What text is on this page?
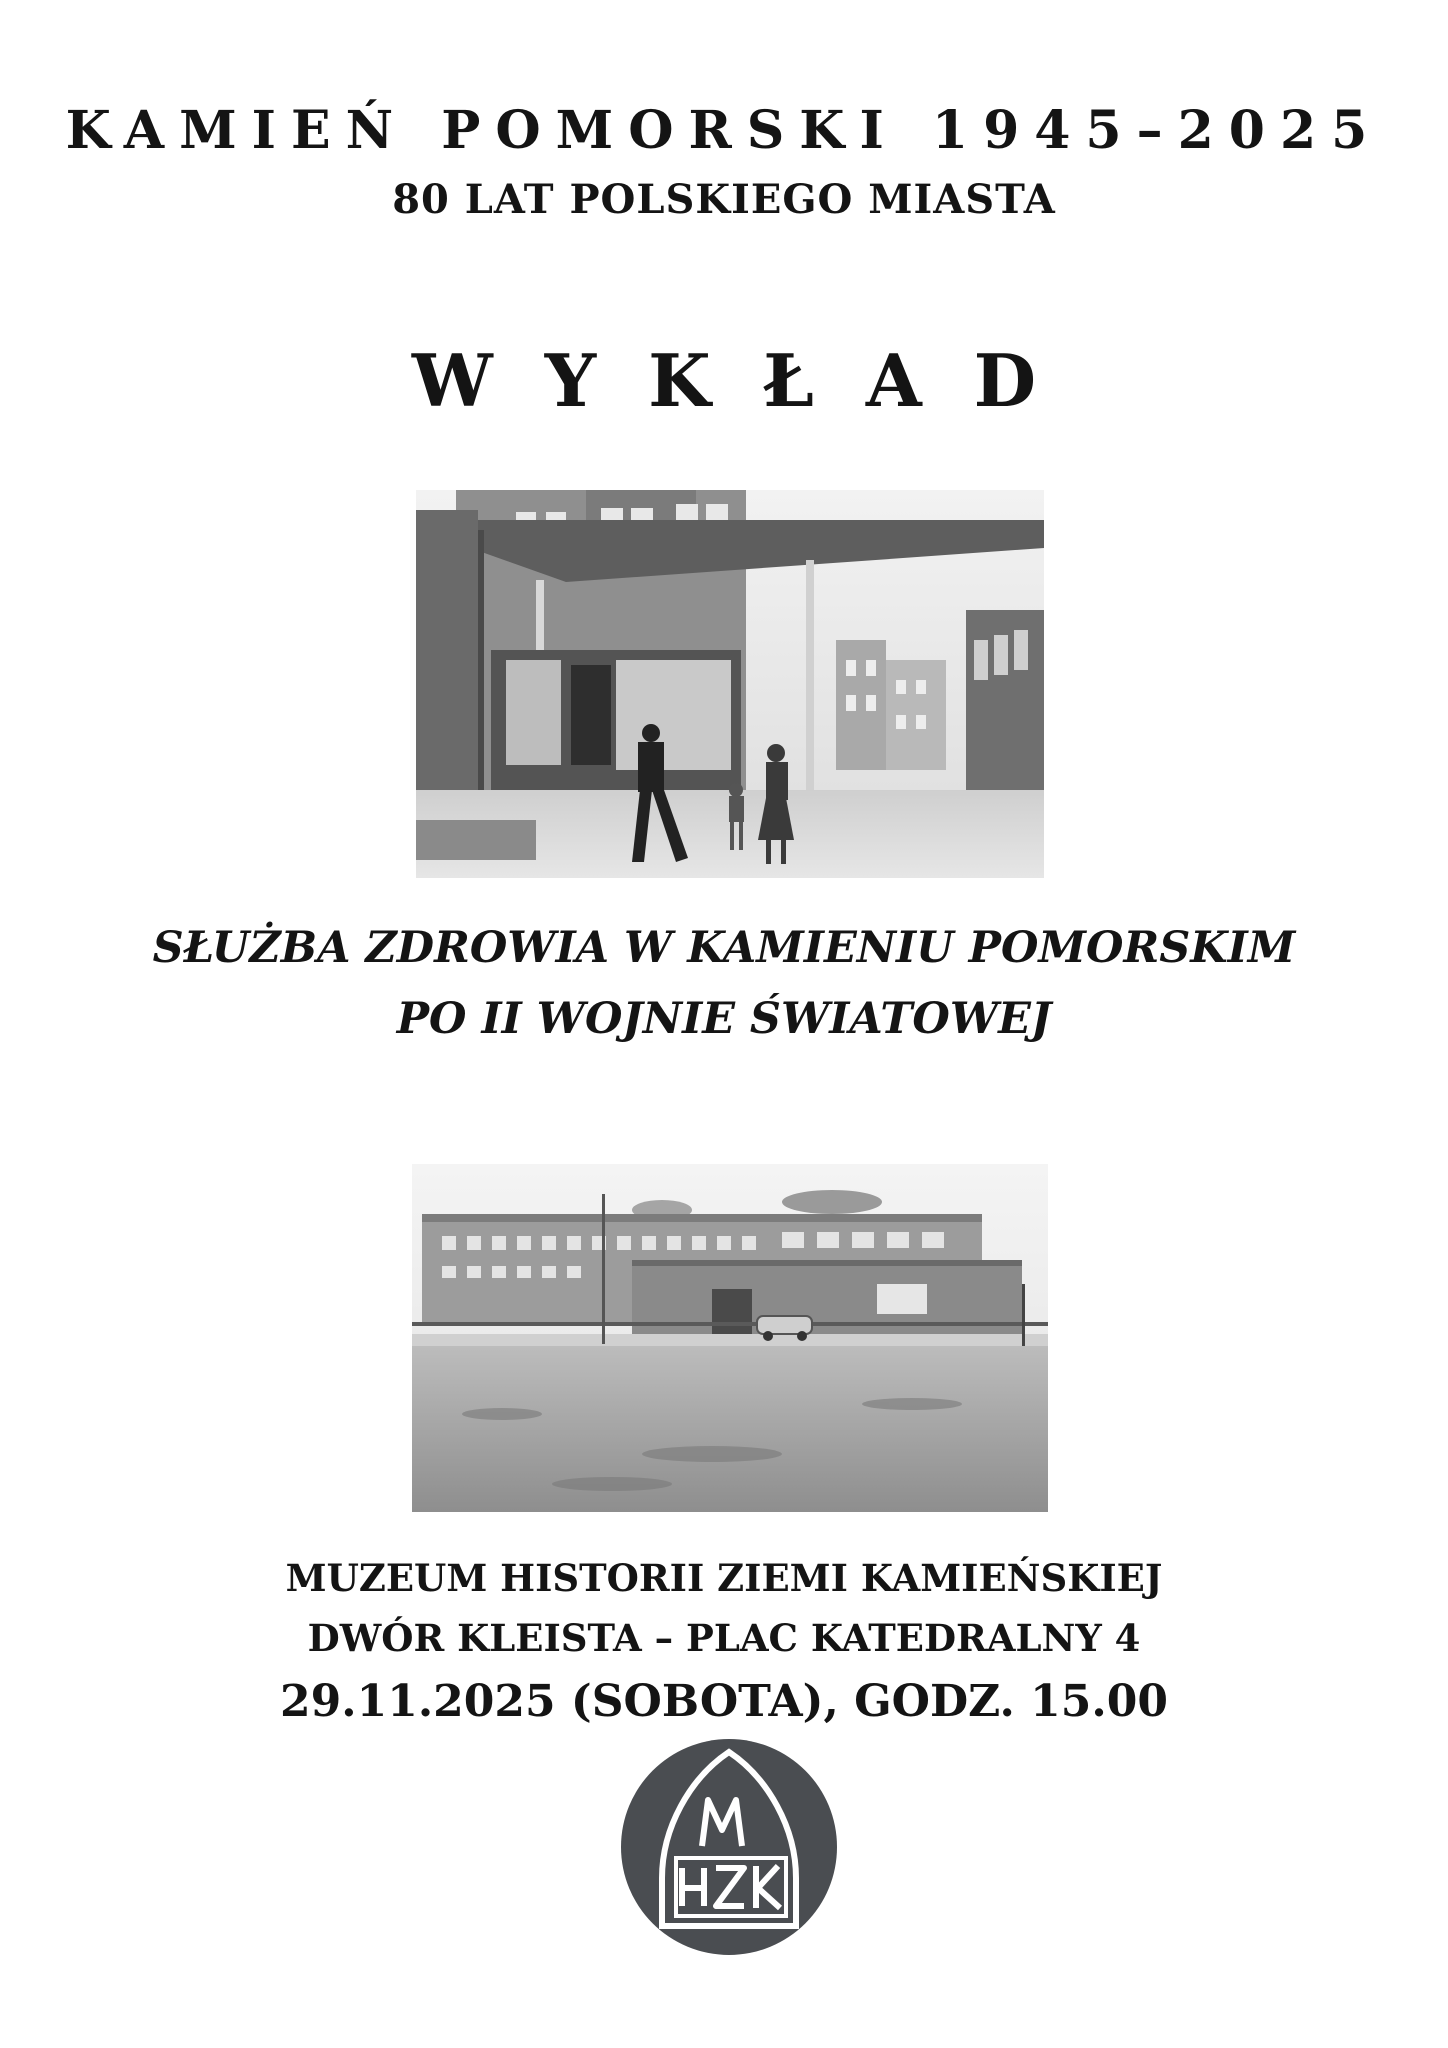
KAMIEŃ POMORSKI 1945–2025
80 LAT POLSKIEGO MIASTA
WYKŁAD
SŁUŻBA ZDROWIA W KAMIENIU POMORSKIM
PO II WOJNIE ŚWIATOWEJ
MUZEUM HISTORII ZIEMI KAMIEŃSKIEJ
DWÓR KLEISTA – PLAC KATEDRALNY 4
29.11.2025 (SOBOTA), GODZ. 15.00
